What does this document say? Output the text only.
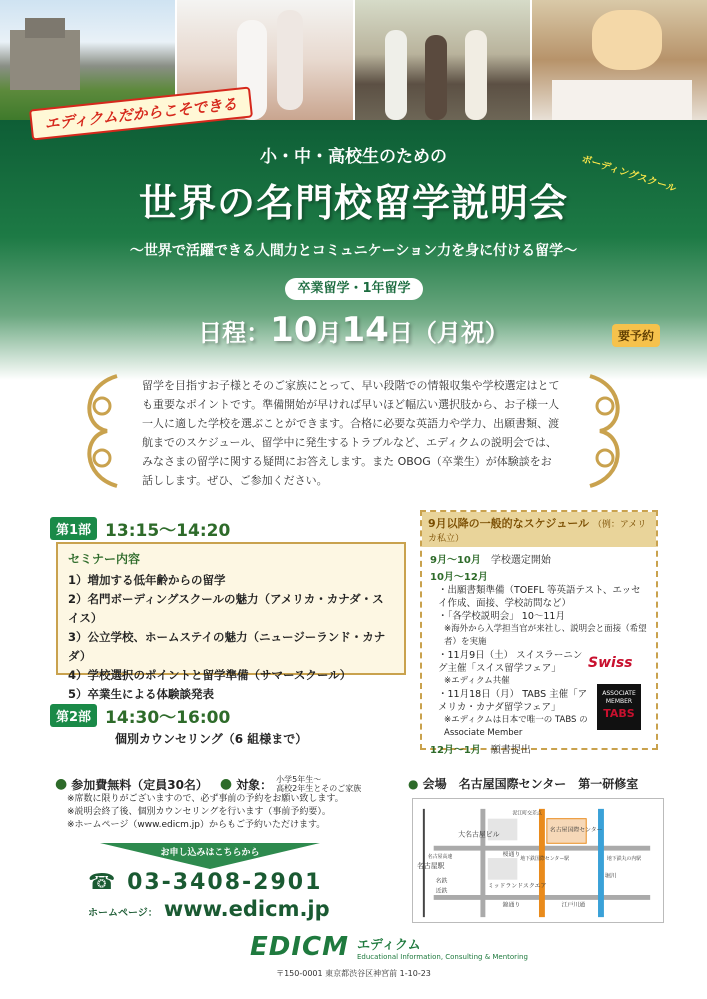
エディクムだからこそできる
小・中・高校生のための	ボーディングスクール
世界の名門校留学説明会
〜世界で活躍できる人間力とコミュニケーション力を身に付ける留学〜
卒業留学・1年留学
日程：10月14日（月祝）	要予約
留学を目指すお子様とそのご家族にとって、早い段階での情報収集や学校選定はとても重要なポイントです。準備開始が早ければ早いほど幅広い選択肢から、お子様一人一人に適した学校を選ぶことができます。合格に必要な英語力や学力、出願書類、渡航までのスケジュール、留学中に発生するトラブルなど、エディクムの説明会では、みなさまの留学に関する疑問にお答えします。また OBOG（卒業生）が体験談をお話しします。ぜひ、ご参加ください。
第1部 13:15〜14:20
セミナー内容
1）増加する低年齢からの留学
2）名門ボーディングスクールの魅力（アメリカ・カナダ・スイス）
3）公立学校、ホームステイの魅力（ニュージーランド・カナダ）
4）学校選択のポイントと留学準備（サマースクール）
5）卒業生による体験談発表
第2部 14:30〜16:00
個別カウンセリング（6 組様まで）
9月以降の一般的なスケジュール （例：アメリカ私立）
9月〜10月　 学校選定開始
10月〜12月
・出願書類準備（TOEFL 等英語テスト、エッセイ作成、面接、学校訪問など）
・「各学校説明会」 10〜11月
※海外から入学担当官が来社し、説明会と面接（希望者）を実施
・11月9日（土） スイスラーニング主催「スイス留学フェア」
※エディクム共催
・11月18日（月） TABS 主催「アメリカ・カナダ留学フェア」
※エディクムは日本で唯一の TABS の Associate Member
12月〜1月　 願書提出
Swiss
ASSOCIATE
MEMBER
TABS
● 参加費無料（定員30名） ● 対象： 小学5年生〜
高校2年生とそのご家族
※席数に限りがございますので、必ず事前の予約をお願い致します。
※説明会終了後、個別カウンセリングを行います（事前予約要）。
※ホームページ（www.edicm.jp）からもご予約いただけます。
お申し込みはこちらから
☎ 03-3408-2901
ホームページ： www.edicm.jp
● 会場　名古屋国際センター　第一研修室
大名古屋ビル
名古屋駅
ミッドランドスクエア
名鉄
近鉄
桜通り
錦通り	江戸川通
堀川
名古屋国際センター
地下鉄国際センター駅	地下鉄丸の内駅
泥江町交差点
名古屋高速
EDICM エディクム
Educational Information, Consulting & Mentoring
〒150-0001 東京都渋谷区神宮前 1-10-23
